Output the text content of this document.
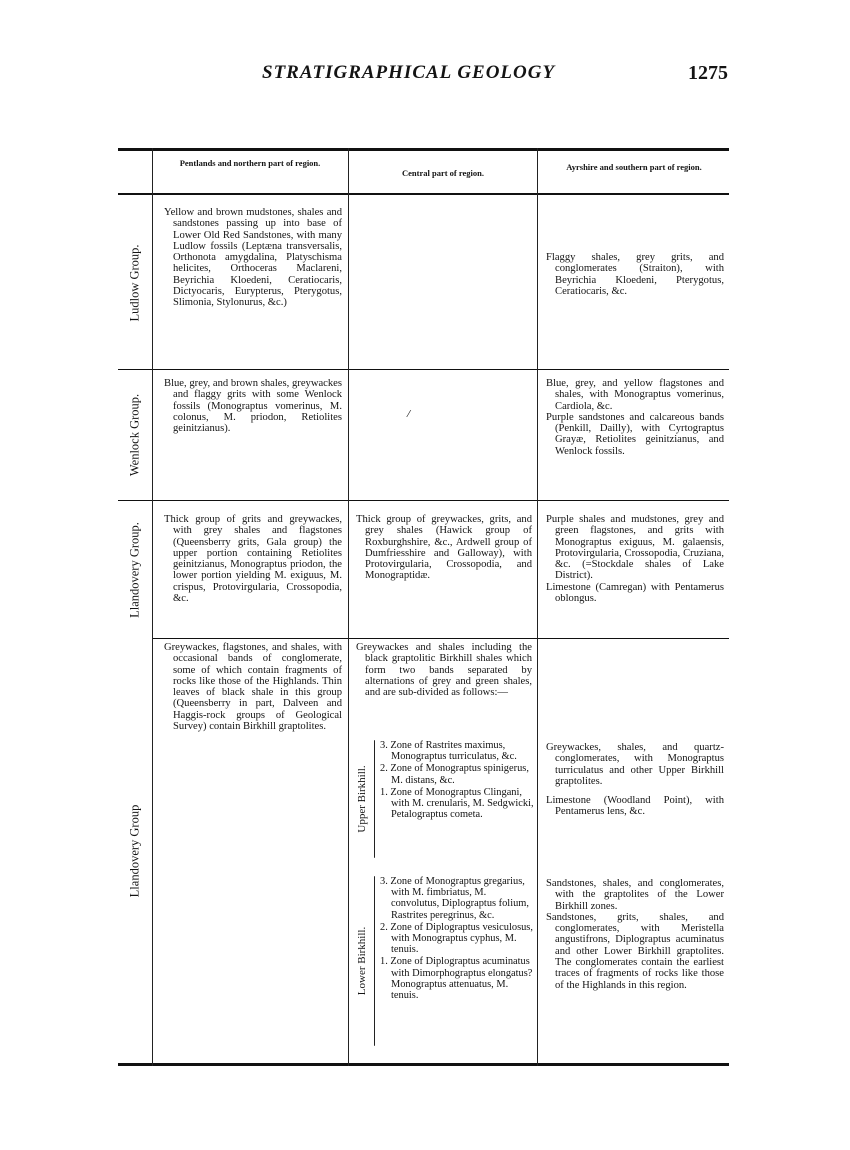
STRATIGRAPHICAL GEOLOGY	1275
Pentlands and northern part of region.
Central part of region.
Ayrshire and southern part of region.
Ludlow Group.

Yellow and brown mudstones, shales and sandstones passing up into base of Lower Old Red Sandstones, with many Ludlow fossils (Leptæna transversalis, Orthonota amygdalina, Platyschisma helicites, Orthoceras Maclareni, Beyrichia Kloedeni, Ceratiocaris, Dictyocaris, Eurypterus, Pterygotus, Slimonia, Stylonurus, &c.)

Flaggy shales, grey grits, and conglomerates (Straiton), with Beyrichia Kloedeni, Pterygotus, Ceratiocaris, &c.

Wenlock Group.

Blue, grey, and brown shales, greywackes and flaggy grits with some Wenlock fossils (Monograptus vomerinus, M. colonus, M. priodon, Retiolites geinitzianus).

Blue, grey, and yellow flagstones and shales, with Monograptus vomerinus, Cardiola, &c.

Purple sandstones and calcareous bands (Penkill, Dailly), with Cyrtograptus Grayæ, Retiolites geinitzianus, and Wenlock fossils.

⁄
Llandovery Group.

Thick group of grits and greywackes, with grey shales and flagstones (Queensberry grits, Gala group) the upper portion containing Retiolites geinitzianus, Monograptus priodon, the lower portion yielding M. exiguus, M. crispus, Protovirgularia, Crossopodia, &c.

Thick group of greywackes, grits, and grey shales (Hawick group of Roxburghshire, &c., Ardwell group of Dumfriesshire and Galloway), with Protovirgularia, Crossopodia, and Monograptidæ.

Purple shales and mudstones, grey and green flagstones, and grits with Monograptus exiguus, M. galaensis, Protovirgularia, Crossopodia, Cruziana, &c. (=Stockdale shales of Lake District).

Limestone (Camregan) with Pentamerus oblongus.

Llandovery Group

Greywackes, flagstones, and shales, with occasional bands of conglomerate, some of which contain fragments of rocks like those of the Highlands. Thin leaves of black shale in this group (Queensberry in part, Dalveen and Haggis-rock groups of Geological Survey) contain Birkhill graptolites.

Greywackes and shales including the black graptolitic Birkhill shales which form two bands separated by alternations of grey and green shales, and are sub-divided as follows:—

Upper Birkhill.

3. Zone of Rastrites maximus, Monograptus turriculatus, &c.

2. Zone of Monograptus spinigerus, M. distans, &c.

1. Zone of Monograptus Clingani, with M. crenularis, M. Sedgwicki, Petalograptus cometa.

Lower Birkhill.

3. Zone of Monograptus gregarius, with M. fimbriatus, M. convolutus, Diplograptus folium, Rastrites peregrinus, &c.

2. Zone of Diplograptus vesiculosus, with Monograptus cyphus, M. tenuis.

1. Zone of Diplograptus acuminatus with Dimorphograptus elongatus? Monograptus attenuatus, M. tenuis.

Greywackes, shales, and quartz-conglomerates, with Monograptus turriculatus and other Upper Birkhill graptolites.

Limestone (Woodland Point), with Pentamerus lens, &c.

Sandstones, shales, and conglomerates, with the graptolites of the Lower Birkhill zones.

Sandstones, grits, shales, and conglomerates, with Meristella angustifrons, Diplograptus acuminatus and other Lower Birkhill graptolites. The conglomerates contain the earliest traces of fragments of rocks like those of the Highlands in this region.
